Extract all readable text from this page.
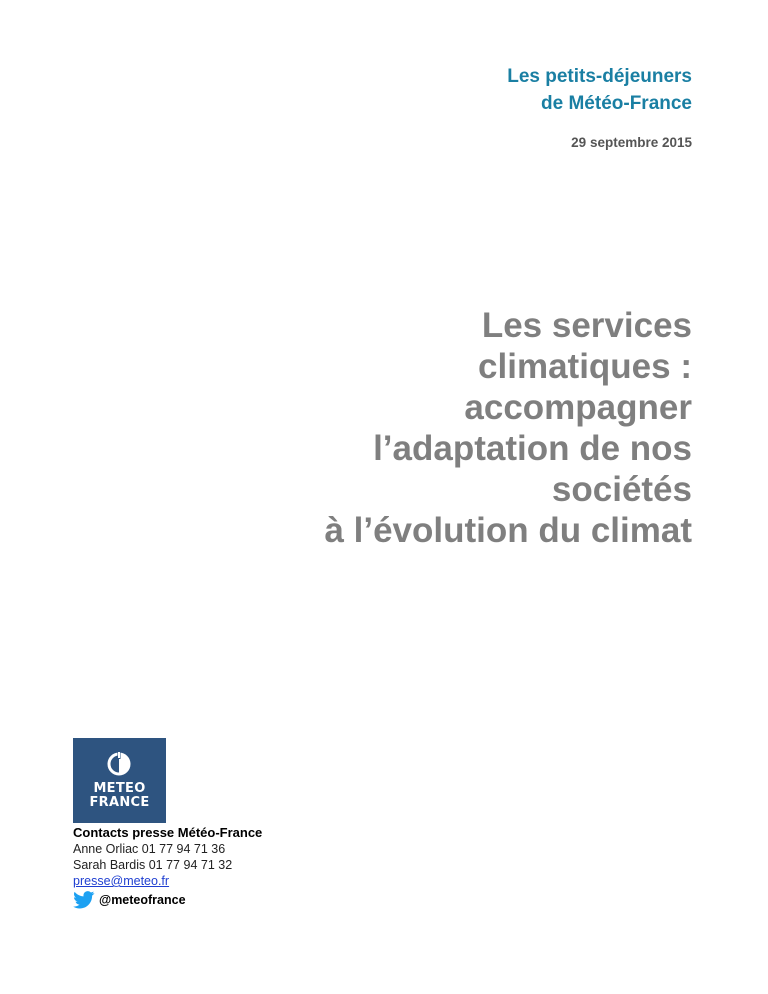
Les petits-déjeuners

de Météo-France

29 septembre 2015
Les services
climatiques :
accompagner
l’adaptation de nos
sociétés
à l’évolution du climat
METEO
FRANCE
Contacts presse Météo-France
Anne Orliac 01 77 94 71 36
Sarah Bardis 01 77 94 71 32
presse@meteo.fr
@meteofrance
